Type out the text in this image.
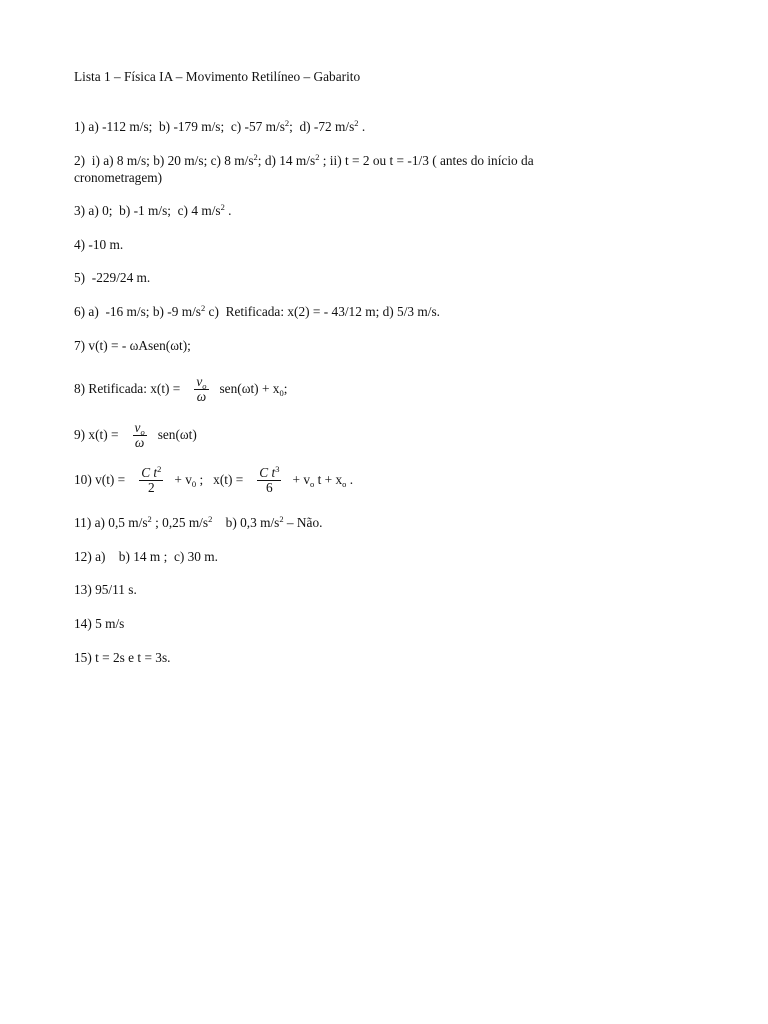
Lista 1 – Física IA – Movimento Retilíneo – Gabarito
1) a) -112 m/s;  b) -179 m/s;  c) -57 $m/s^2$;  d) -72 $m/s^2$ .
2)  i) a) 8 m/s; b) 20 m/s; c) 8 $m/s^2$; d) 14 $m/s^2$ ; ii) t = 2 ou t = -1/3 ( antes do início da
cronometragem)
3) a) 0;  b) -1 m/s;  c) 4 $m/s^2$ .
4) -10 m.
5)  -229/24 m.
6) a)  -16 m/s; b) -9 $m/s^2$ c)  Retificada: x(2) = - 43/12 m; d) 5/3 m/s.
7) v(t) = - ωAsen(ωt);
8) Retificada: $x(t) = \frac{v_o}{\omega} sen(\omega t) + x_0$;
9) $x(t) = \frac{v_o}{\omega} sen(\omega t)$
10) $v(t) = \frac{C t^2}{2} + v_0$ ;   $x(t) = \frac{C t^3}{6} + v_o$ $t + x_o$ .
11) a) 0,5 $m/s^2$ ; 0,25 $m/s^2$    b) 0,3 $m/s^2$ – Não.
12) a)    b) 14 m ;  c) 30 m.
13) 95/11 s.
14) 5 m/s
15) t = 2s e t = 3s.
